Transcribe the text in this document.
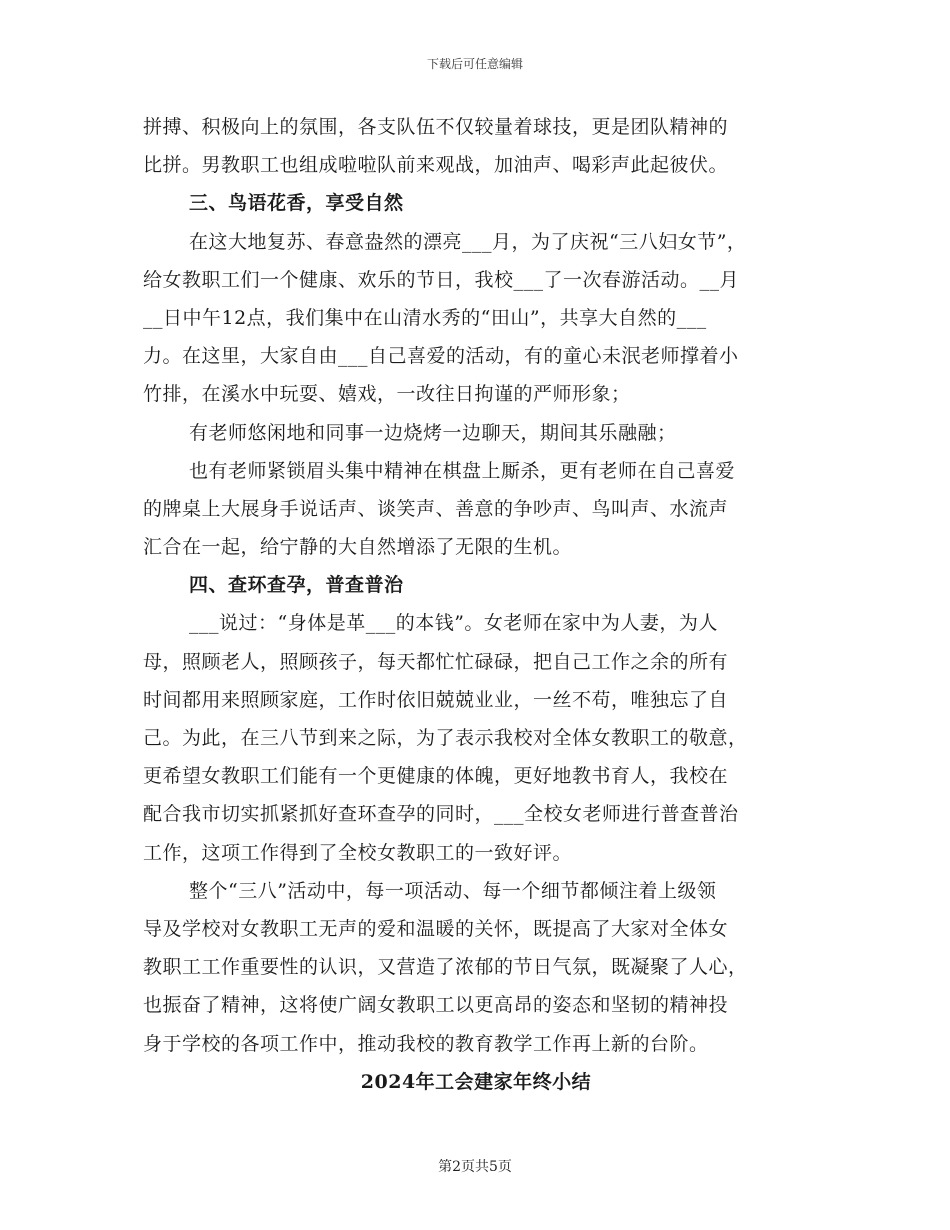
下载后可任意编辑
拼搏、积极向上的氛围，各支队伍不仅较量着球技，更是团队精神的
比拼。男教职工也组成啦啦队前来观战，加油声、喝彩声此起彼伏。
三、鸟语花香，享受自然
在这大地复苏、春意盎然的漂亮___月，为了庆祝“三八妇女节”，
给女教职工们一个健康、欢乐的节日，我校___了一次春游活动。__月
__日中午12点，我们集中在山清水秀的“田山”，共享大自然的___
力。在这里，大家自由___自己喜爱的活动，有的童心未泯老师撑着小
竹排，在溪水中玩耍、嬉戏，一改往日拘谨的严师形象；
有老师悠闲地和同事一边烧烤一边聊天，期间其乐融融；
也有老师紧锁眉头集中精神在棋盘上厮杀，更有老师在自己喜爱
的牌桌上大展身手说话声、谈笑声、善意的争吵声、鸟叫声、水流声
汇合在一起，给宁静的大自然增添了无限的生机。
四、查环查孕，普查普治
___说过：“身体是革___的本钱”。女老师在家中为人妻，为人
母，照顾老人，照顾孩子，每天都忙忙碌碌，把自己工作之余的所有
时间都用来照顾家庭，工作时依旧兢兢业业，一丝不苟，唯独忘了自
己。为此，在三八节到来之际，为了表示我校对全体女教职工的敬意，
更希望女教职工们能有一个更健康的体魄，更好地教书育人，我校在
配合我市切实抓紧抓好查环查孕的同时，___全校女老师进行普查普治
工作，这项工作得到了全校女教职工的一致好评。
整个“三八”活动中，每一项活动、每一个细节都倾注着上级领
导及学校对女教职工无声的爱和温暖的关怀，既提高了大家对全体女
教职工工作重要性的认识，又营造了浓郁的节日气氛，既凝聚了人心，
也振奋了精神，这将使广阔女教职工以更高昂的姿态和坚韧的精神投
身于学校的各项工作中，推动我校的教育教学工作再上新的台阶。
2024年工会建家年终小结
第2页共5页
